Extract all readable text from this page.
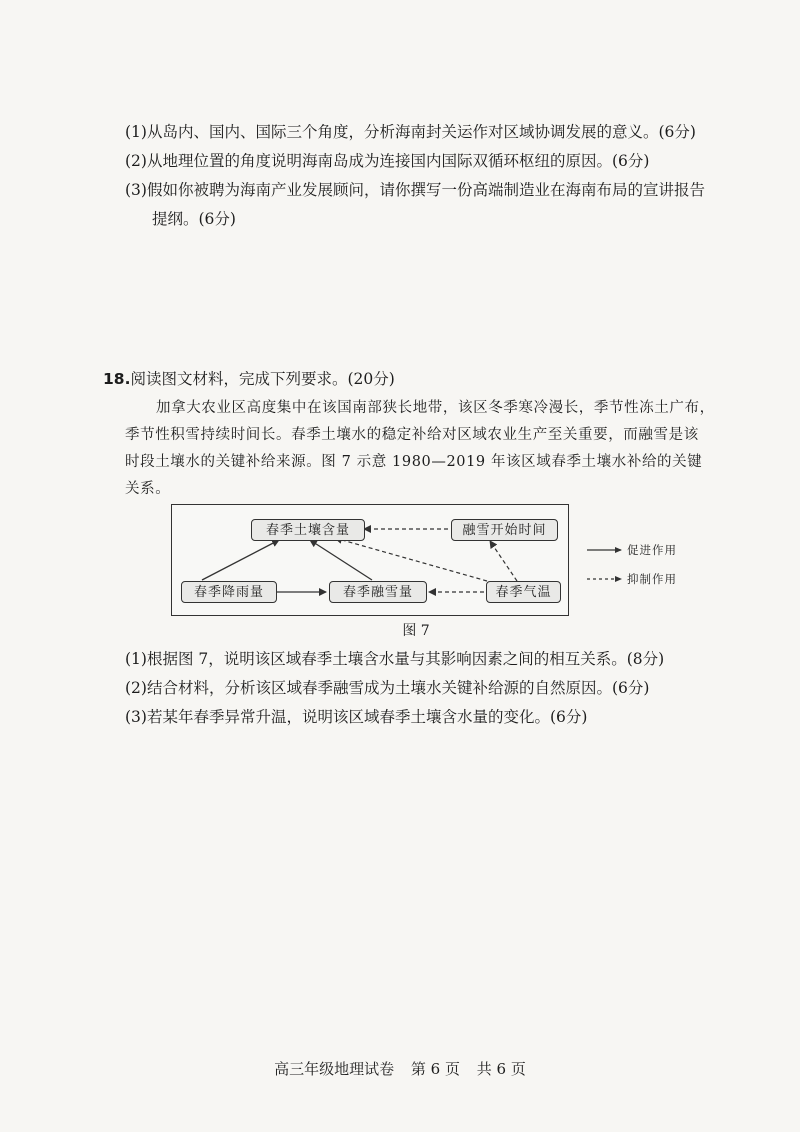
(1)从岛内、国内、国际三个角度，分析海南封关运作对区域协调发展的意义。(6分)
(2)从地理位置的角度说明海南岛成为连接国内国际双循环枢纽的原因。(6分)
(3)假如你被聘为海南产业发展顾问，请你撰写一份高端制造业在海南布局的宣讲报告
提纲。(6分)
18.阅读图文材料，完成下列要求。(20分)
加拿大农业区高度集中在该国南部狭长地带，该区冬季寒冷漫长，季节性冻土广布，
季节性积雪持续时间长。春季土壤水的稳定补给对区域农业生产至关重要，而融雪是该
时段土壤水的关键补给来源。图 7 示意 1980—2019 年该区域春季土壤水补给的关键
关系。
春季土壤含量	融雪开始时间
春季降雨量	春季融雪量	春季气温
促进作用
抑制作用
图 7
(1)根据图 7，说明该区域春季土壤含水量与其影响因素之间的相互关系。(8分)
(2)结合材料，分析该区域春季融雪成为土壤水关键补给源的自然原因。(6分)
(3)若某年春季异常升温，说明该区域春季土壤含水量的变化。(6分)
高三年级地理试卷 第 6 页 共 6 页
